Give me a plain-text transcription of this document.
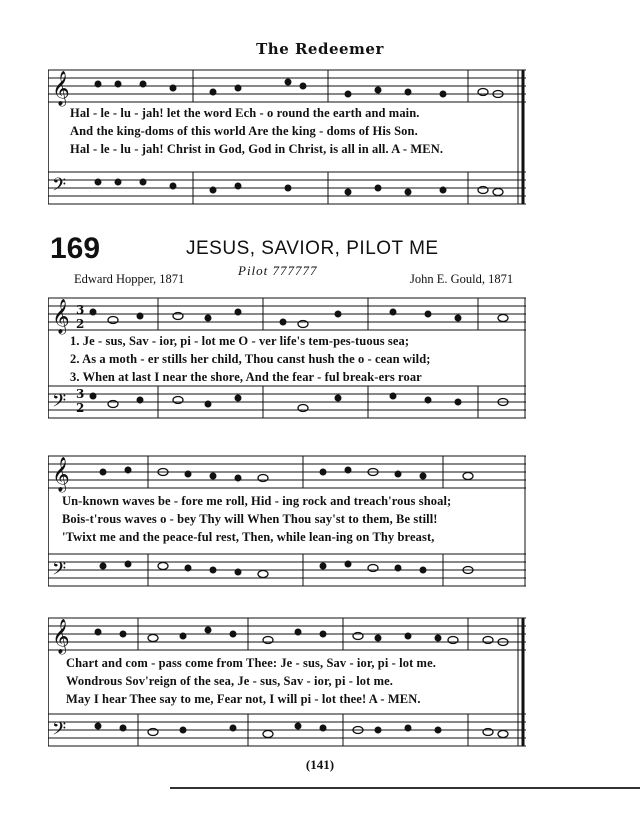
The Redeemer
𝄞
𝄢
Hal - le - lu - jah! let the word Ech - o round the earth and main.
And the king-doms of this world Are the king - doms of His Son.
Hal - le - lu - jah! Christ in God, God in Christ, is all in all. A - MEN.
169	JESUS, SAVIOR, PILOT ME
Pilot 777777
Edward Hopper, 1871	John E. Gould, 1871
𝄞
𝄢
3
2
3
2
1. Je - sus, Sav - ior, pi - lot me O - ver life's tem-pes-tuous sea;
2. As a moth - er stills her child, Thou canst hush the o - cean wild;
3. When at last I near the shore, And the fear - ful break-ers roar
𝄞
𝄢
Un-known waves be - fore me roll, Hid - ing rock and treach'rous shoal;
Bois-t'rous waves o - bey Thy will When Thou say'st to them, Be still!
'Twixt me and the peace-ful rest, Then, while lean-ing on Thy breast,
𝄞
𝄢
Chart and com - pass come from Thee: Je - sus, Sav - ior, pi - lot me.
Wondrous Sov'reign of the sea, Je - sus, Sav - ior, pi - lot me.
May I hear Thee say to me, Fear not, I will pi - lot thee! A - MEN.
(141)
